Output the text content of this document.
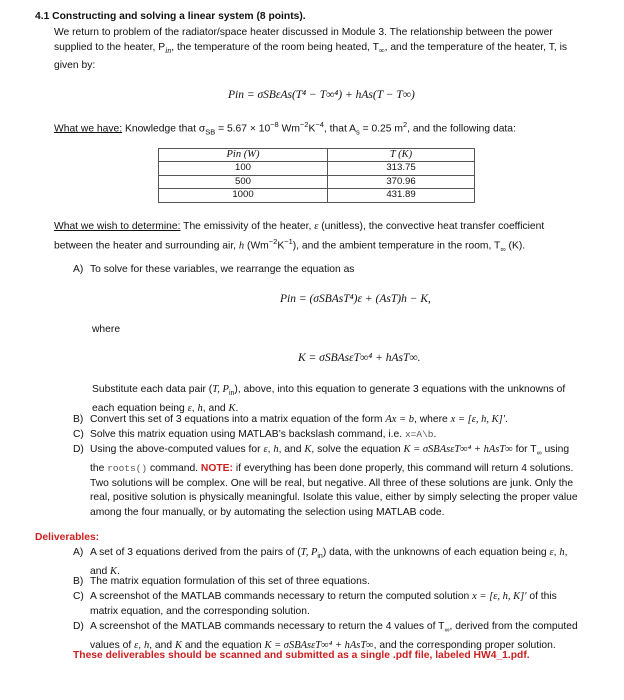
4.1 Constructing and solving a linear system (8 points).
We return to problem of the radiator/space heater discussed in Module 3. The relationship between the power
supplied to the heater, $P_{in}$, the temperature of the room being heated, $T_\infty$, and the temperature of the heater, T, is
given by:
Pin = σSBεAs(T⁴ − T∞⁴) + hAs(T − T∞)
What we have: Knowledge that $\sigma_{SB} = 5.67 \times 10^{-8}$ $Wm^{-2}K^{-4}$, that $A_s = 0.25$ $m^2$, and the following data:
Pin (W)	T (K)
100	313.75
500	370.96
1000	431.89
What we wish to determine: The emissivity of the heater, ε (unitless), the convective heat transfer coefficient
between the heater and surrounding air, h $(Wm^{-2}K^{-1})$, and the ambient temperature in the room, $T_\infty$ (K).
A) To solve for these variables, we rearrange the equation as
Pin = (σSBAsT⁴)ε + (AsT)h − K,
where
K = σSBAsεT∞⁴ + hAsT∞.
Substitute each data pair (T, $P_{in}$), above, into this equation to generate 3 equations with the unknowns of
each equation being ε, h, and K.
B) Convert this set of 3 equations into a matrix equation of the form Ax = b, where x = [ε, h, K]′.
C) Solve this matrix equation using MATLAB’s backslash command, i.e. x=A\b.
D) Using the above-computed values for ε, h, and K, solve the equation K = σSBAsεT∞⁴ + hAsT∞ for $T_\infty$ using
the roots() command. NOTE: if everything has been done properly, this command will return 4 solutions.
Two solutions will be complex. One will be real, but negative. All three of these solutions are junk. Only the
real, positive solution is physically meaningful. Isolate this value, either by simply selecting the proper value
among the four manually, or by automating the selection using MATLAB code.
Deliverables:
A) A set of 3 equations derived from the pairs of (T, $P_{in}$) data, with the unknowns of each equation being ε, h,
and K.
B) The matrix equation formulation of this set of three equations.
C) A screenshot of the MATLAB commands necessary to return the computed solution x = [ε, h, K]′ of this
matrix equation, and the corresponding solution.
D) A screenshot of the MATLAB commands necessary to return the 4 values of $T_\infty$, derived from the computed
values of ε, h, and K and the equation K = σSBAsεT∞⁴ + hAsT∞, and the corresponding proper solution.
These deliverables should be scanned and submitted as a single .pdf file, labeled HW4_1.pdf.
